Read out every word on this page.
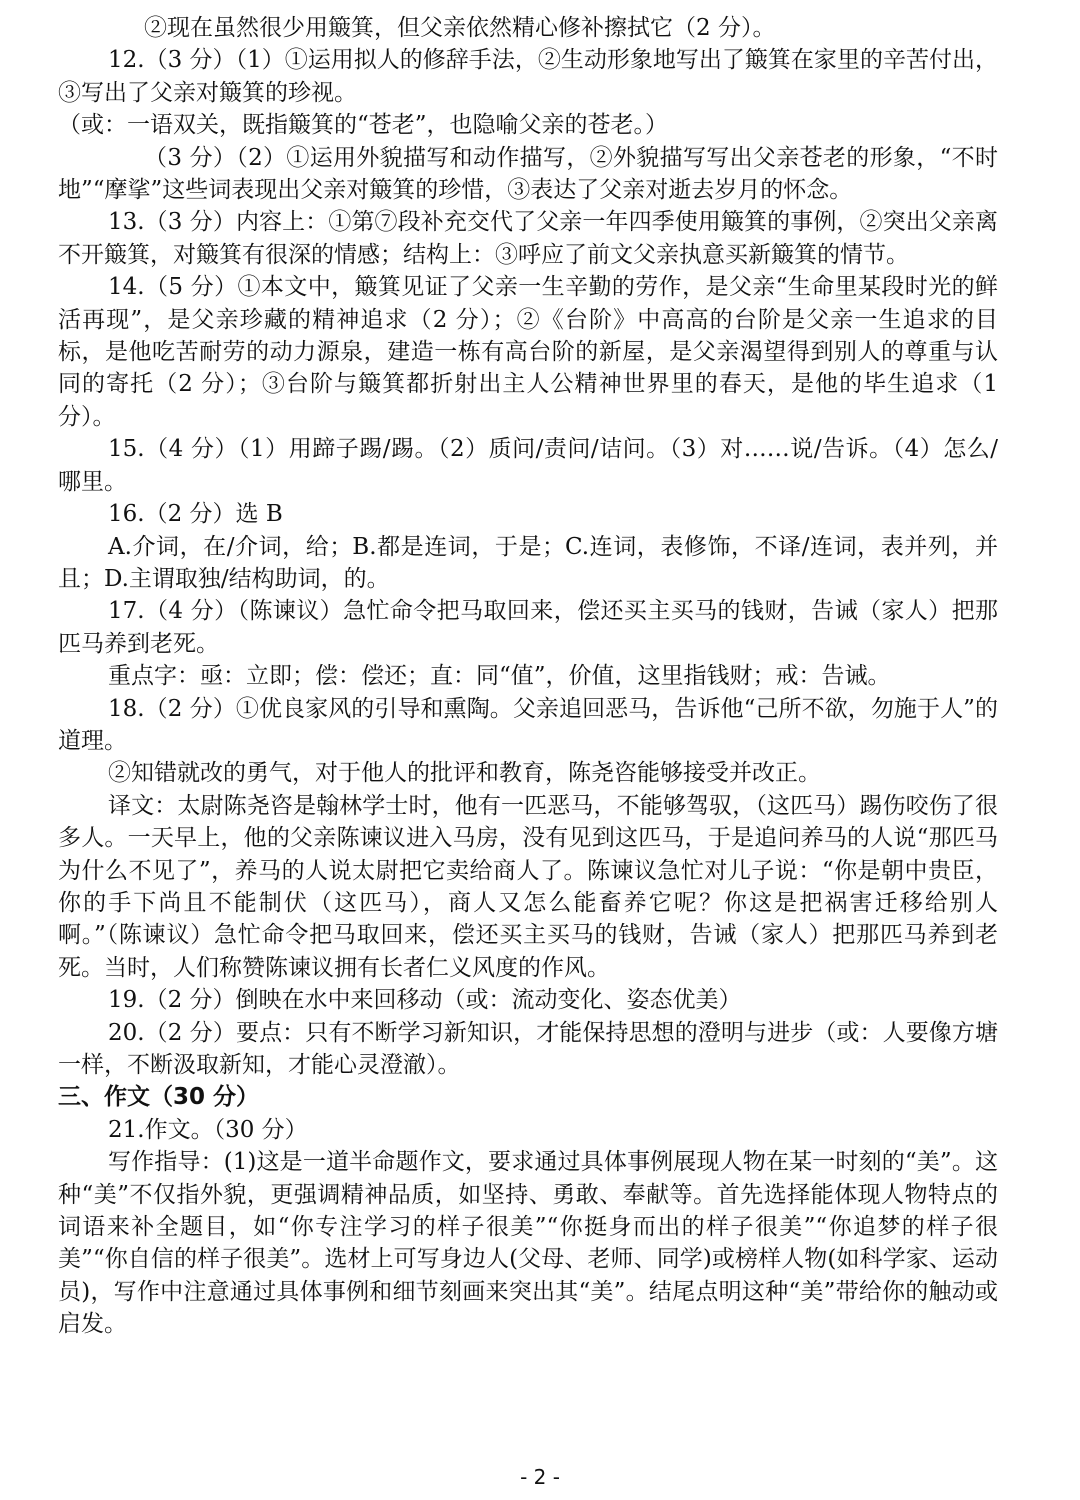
②现在虽然很少用簸箕，但父亲依然精心修补擦拭它（2 分）。

12.（3 分）（1）①运用拟人的修辞手法，②生动形象地写出了簸箕在家里的辛苦付出，③写出了父亲对簸箕的珍视。

（或：一语双关，既指簸箕的“苍老”，也隐喻父亲的苍老。）

（3 分）（2）①运用外貌描写和动作描写，②外貌描写写出父亲苍老的形象，“不时地”“摩挲”这些词表现出父亲对簸箕的珍惜，③表达了父亲对逝去岁月的怀念。

13.（3 分）内容上：①第⑦段补充交代了父亲一年四季使用簸箕的事例，②突出父亲离不开簸箕，对簸箕有很深的情感；结构上：③呼应了前文父亲执意买新簸箕的情节。

14.（5 分）①本文中，簸箕见证了父亲一生辛勤的劳作，是父亲“生命里某段时光的鲜活再现”，是父亲珍藏的精神追求（2 分）；②《台阶》中高高的台阶是父亲一生追求的目标，是他吃苦耐劳的动力源泉，建造一栋有高台阶的新屋，是父亲渴望得到别人的尊重与认同的寄托（2 分）；③台阶与簸箕都折射出主人公精神世界里的春天，是他的毕生追求（1 分）。

15.（4 分）（1）用蹄子踢/踢。（2）质问/责问/诘问。（3）对……说/告诉。（4）怎么/哪里。

16.（2 分）选 B

A.介词，在/介词，给；B.都是连词，于是；C.连词，表修饰，不译/连词，表并列，并且；D.主谓取独/结构助词，的。

17.（4 分）（陈谏议）急忙命令把马取回来，偿还买主买马的钱财，告诫（家人）把那匹马养到老死。

重点字：亟：立即；偿：偿还；直：同“值”，价值，这里指钱财；戒：告诫。

18.（2 分）①优良家风的引导和熏陶。父亲追回恶马，告诉他“己所不欲，勿施于人”的道理。

②知错就改的勇气，对于他人的批评和教育，陈尧咨能够接受并改正。

译文：太尉陈尧咨是翰林学士时，他有一匹恶马，不能够驾驭，（这匹马）踢伤咬伤了很多人。一天早上，他的父亲陈谏议进入马房，没有见到这匹马，于是追问养马的人说“那匹马为什么不见了”，养马的人说太尉把它卖给商人了。陈谏议急忙对儿子说：“你是朝中贵臣，你的手下尚且不能制伏（这匹马），商人又怎么能畜养它呢？你这是把祸害迁移给别人啊。”（陈谏议）急忙命令把马取回来，偿还买主买马的钱财，告诫（家人）把那匹马养到老死。当时，人们称赞陈谏议拥有长者仁义风度的作风。

19.（2 分）倒映在水中来回移动（或：流动变化、姿态优美）

20.（2 分）要点：只有不断学习新知识，才能保持思想的澄明与进步（或：人要像方塘一样，不断汲取新知，才能心灵澄澈）。

三、作文（30 分）

21.作文。（30 分）

写作指导：(1)这是一道半命题作文，要求通过具体事例展现人物在某一时刻的“美”。这种“美”不仅指外貌，更强调精神品质，如坚持、勇敢、奉献等。首先选择能体现人物特点的词语来补全题目，如“你专注学习的样子很美”“你挺身而出的样子很美”“你追梦的样子很美”“你自信的样子很美”。选材上可写身边人(父母、老师、同学)或榜样人物(如科学家、运动员)，写作中注意通过具体事例和细节刻画来突出其“美”。结尾点明这种“美”带给你的触动或启发。

- 2 -
